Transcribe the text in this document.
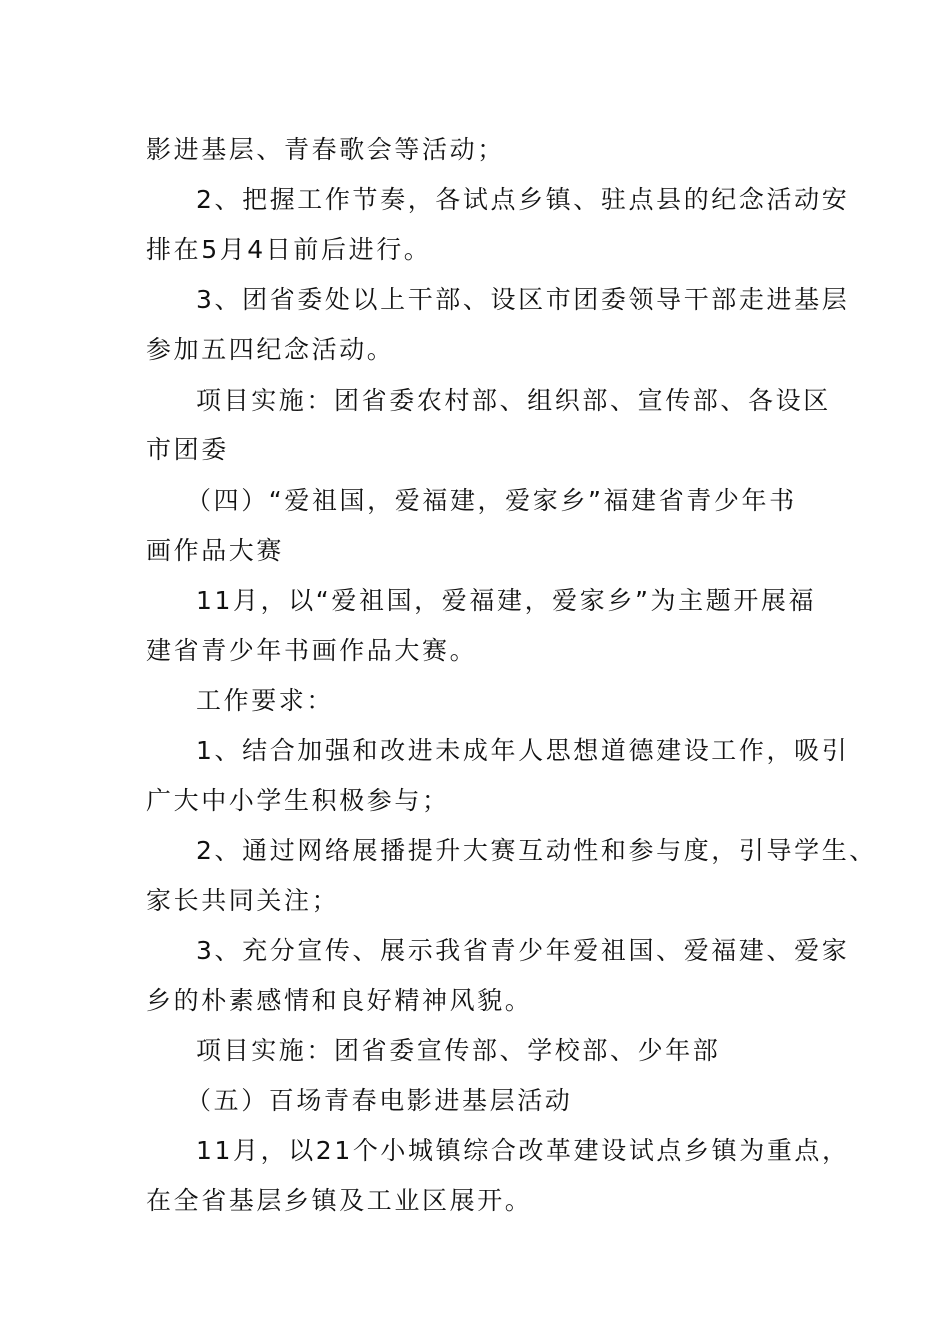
影进基层、青春歌会等活动；
2、把握工作节奏，各试点乡镇、驻点县的纪念活动安
排在5月4日前后进行。
3、团省委处以上干部、设区市团委领导干部走进基层
参加五四纪念活动。
项目实施：团省委农村部、组织部、宣传部、各设区
市团委
（四）“爱祖国，爱福建，爱家乡”福建省青少年书
画作品大赛
11月，以“爱祖国，爱福建，爱家乡”为主题开展福
建省青少年书画作品大赛。
工作要求：
1、结合加强和改进未成年人思想道德建设工作，吸引
广大中小学生积极参与；
2、通过网络展播提升大赛互动性和参与度，引导学生、
家长共同关注；
3、充分宣传、展示我省青少年爱祖国、爱福建、爱家
乡的朴素感情和良好精神风貌。
项目实施：团省委宣传部、学校部、少年部
（五）百场青春电影进基层活动
11月，以21个小城镇综合改革建设试点乡镇为重点，
在全省基层乡镇及工业区展开。
